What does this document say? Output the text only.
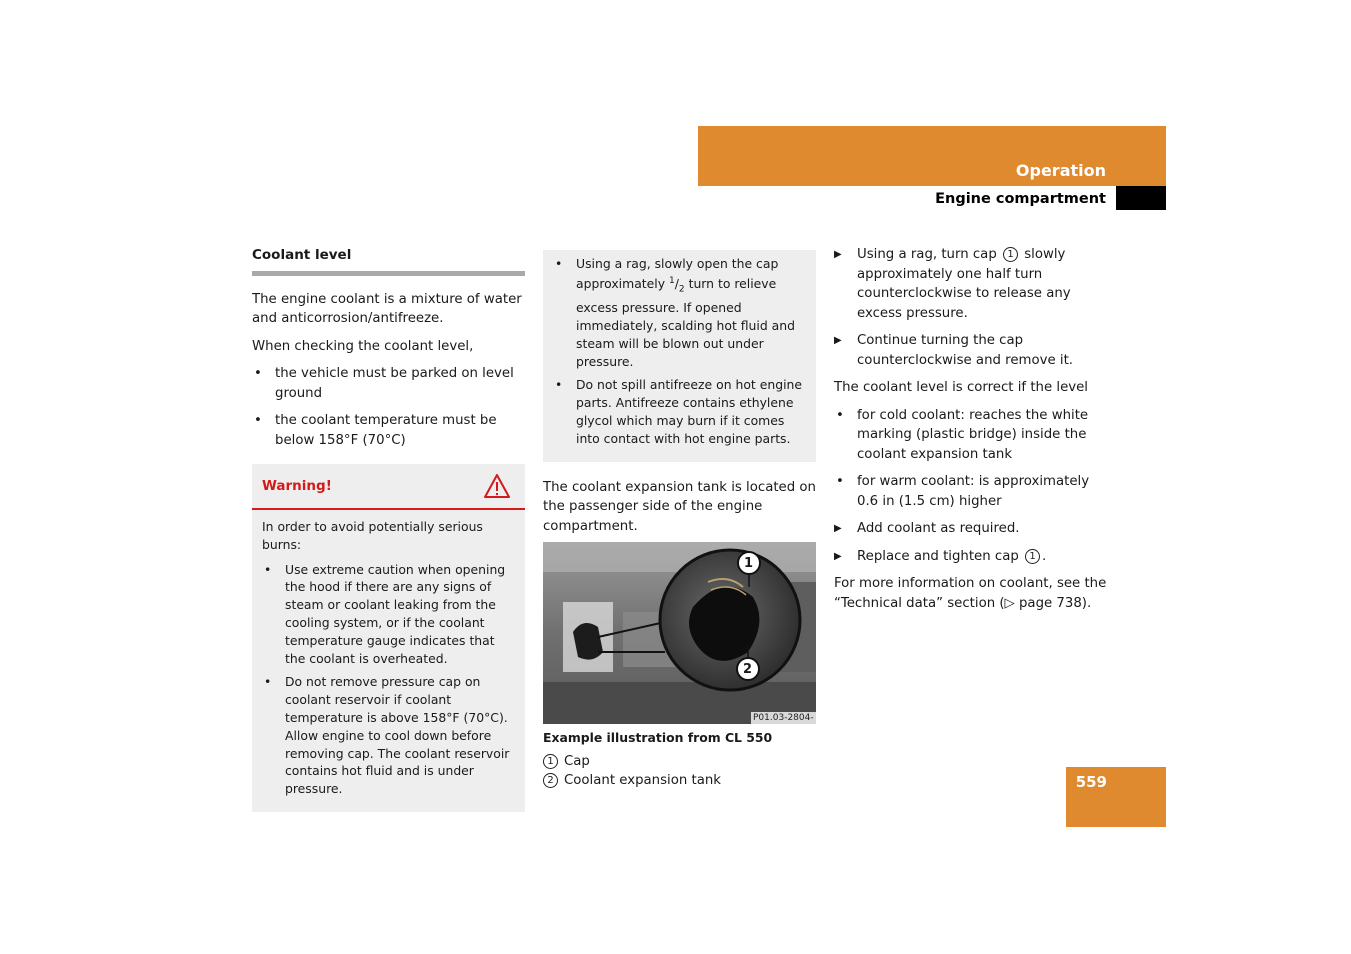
Operation
Engine compartment
Coolant level

The engine coolant is a mixture of water and anticorrosion/antifreeze.

When checking the coolant level,

• the vehicle must be parked on level ground
• the coolant temperature must be below 158°F (70°C)
Warning!

In order to avoid potentially serious burns:

• Use extreme caution when opening the hood if there are any signs of steam or coolant leaking from the cooling system, or if the coolant temperature gauge indicates that the coolant is overheated.
• Do not remove pressure cap on coolant reservoir if coolant temperature is above 158°F (70°C). Allow engine to cool down before removing cap. The coolant reservoir contains hot fluid and is under pressure.
• Using a rag, slowly open the cap approximately $^1/_2$ turn to relieve excess pressure. If opened immediately, scalding hot fluid and steam will be blown out under pressure.
• Do not spill antifreeze on hot engine parts. Antifreeze contains ethylene glycol which may burn if it comes into contact with hot engine parts.

The coolant expansion tank is located on the passenger side of the engine compartment.

1
2
P01.03-2804-
Example illustration from CL 550
1 Cap
2 Coolant expansion tank
▶ Using a rag, turn cap 1 slowly approximately one half turn counterclockwise to release any excess pressure.
▶ Continue turning the cap counterclockwise and remove it.

The coolant level is correct if the level

• for cold coolant: reaches the white marking (plastic bridge) inside the coolant expansion tank
• for warm coolant: is approximately 0.6 in (1.5 cm) higher
▶ Add coolant as required.
▶ Replace and tighten cap 1 .

For more information on coolant, see the “Technical data” section (▷ page 738).

559
